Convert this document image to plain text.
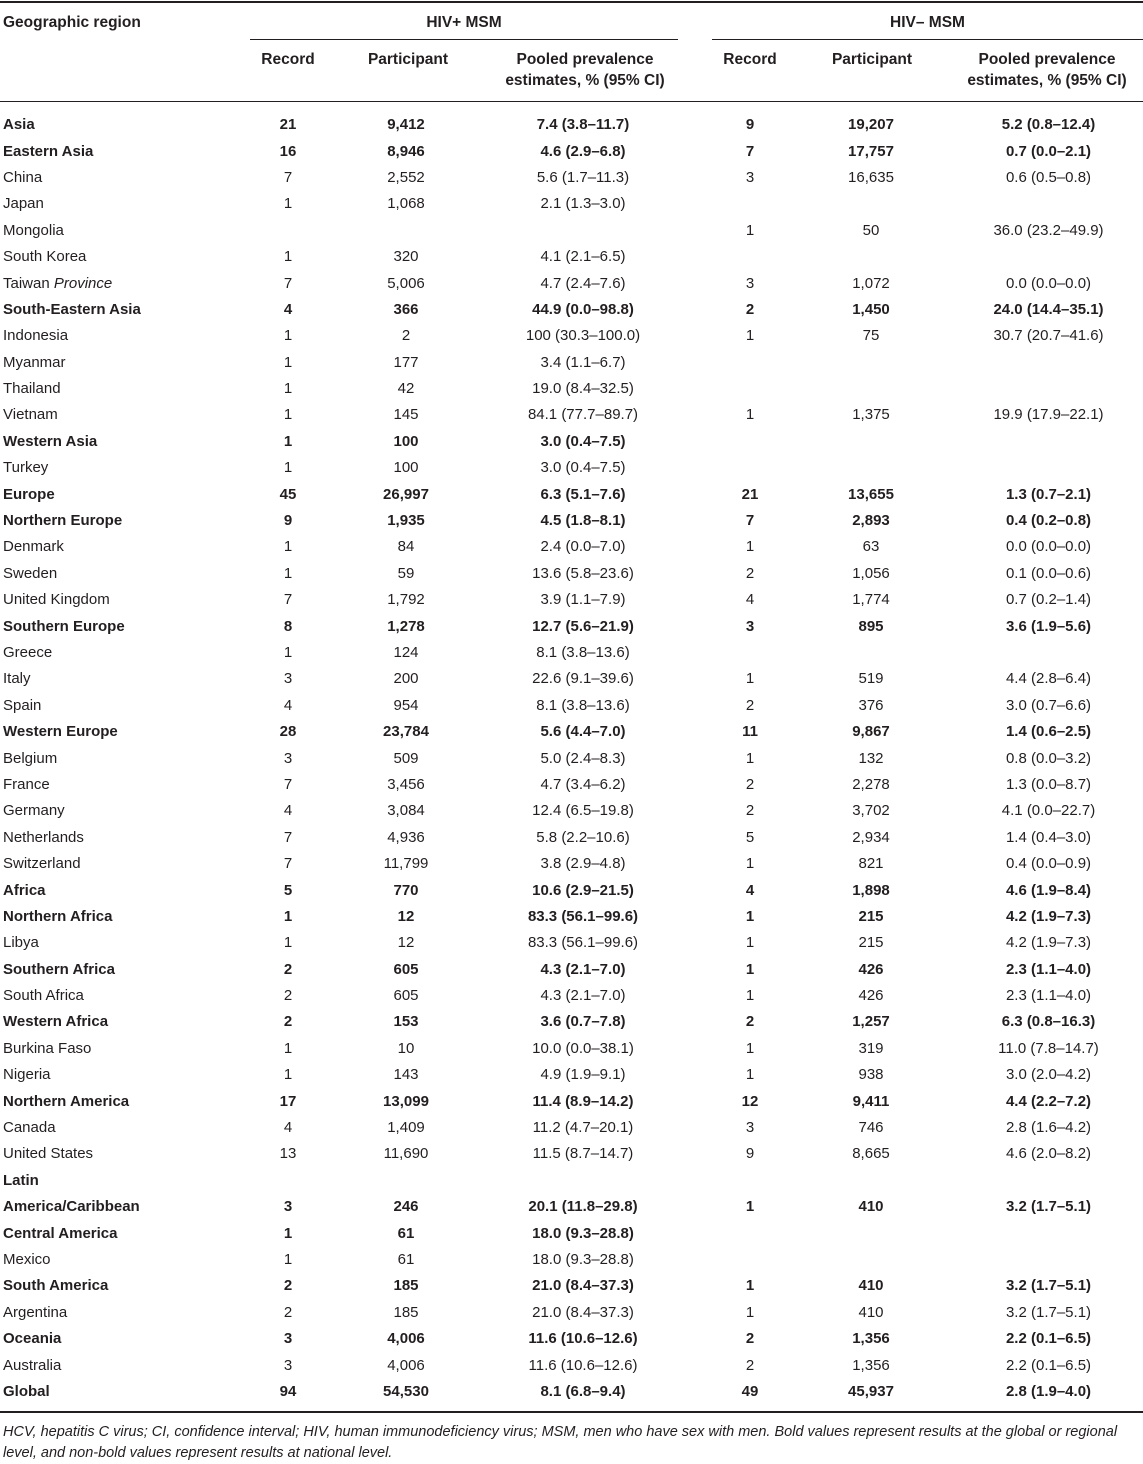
Geographic region	HIV+ MSM	HIV– MSM
Record	Participant	Pooled prevalence
estimates, % (95% CI)
Record	Participant	Pooled prevalence
estimates, % (95% CI)
Asia	21	9,412	7.4 (3.8–11.7)		9	19,207	5.2 (0.8–12.4)
Eastern Asia	16	8,946	4.6 (2.9–6.8)		7	17,757	0.7 (0.0–2.1)
China	7	2,552	5.6 (1.7–11.3)		3	16,635	0.6 (0.5–0.8)
Japan	1	1,068	2.1 (1.3–3.0)				
Mongolia					1	50	36.0 (23.2–49.9)
South Korea	1	320	4.1 (2.1–6.5)				
Taiwan Province	7	5,006	4.7 (2.4–7.6)		3	1,072	0.0 (0.0–0.0)
South-Eastern Asia	4	366	44.9 (0.0–98.8)		2	1,450	24.0 (14.4–35.1)
Indonesia	1	2	100 (30.3–100.0)		1	75	30.7 (20.7–41.6)
Myanmar	1	177	3.4 (1.1–6.7)				
Thailand	1	42	19.0 (8.4–32.5)				
Vietnam	1	145	84.1 (77.7–89.7)		1	1,375	19.9 (17.9–22.1)
Western Asia	1	100	3.0 (0.4–7.5)				
Turkey	1	100	3.0 (0.4–7.5)				
Europe	45	26,997	6.3 (5.1–7.6)		21	13,655	1.3 (0.7–2.1)
Northern Europe	9	1,935	4.5 (1.8–8.1)		7	2,893	0.4 (0.2–0.8)
Denmark	1	84	2.4 (0.0–7.0)		1	63	0.0 (0.0–0.0)
Sweden	1	59	13.6 (5.8–23.6)		2	1,056	0.1 (0.0–0.6)
United Kingdom	7	1,792	3.9 (1.1–7.9)		4	1,774	0.7 (0.2–1.4)
Southern Europe	8	1,278	12.7 (5.6–21.9)		3	895	3.6 (1.9–5.6)
Greece	1	124	8.1 (3.8–13.6)				
Italy	3	200	22.6 (9.1–39.6)		1	519	4.4 (2.8–6.4)
Spain	4	954	8.1 (3.8–13.6)		2	376	3.0 (0.7–6.6)
Western Europe	28	23,784	5.6 (4.4–7.0)		11	9,867	1.4 (0.6–2.5)
Belgium	3	509	5.0 (2.4–8.3)		1	132	0.8 (0.0–3.2)
France	7	3,456	4.7 (3.4–6.2)		2	2,278	1.3 (0.0–8.7)
Germany	4	3,084	12.4 (6.5–19.8)		2	3,702	4.1 (0.0–22.7)
Netherlands	7	4,936	5.8 (2.2–10.6)		5	2,934	1.4 (0.4–3.0)
Switzerland	7	11,799	3.8 (2.9–4.8)		1	821	0.4 (0.0–0.9)
Africa	5	770	10.6 (2.9–21.5)		4	1,898	4.6 (1.9–8.4)
Northern Africa	1	12	83.3 (56.1–99.6)		1	215	4.2 (1.9–7.3)
Libya	1	12	83.3 (56.1–99.6)		1	215	4.2 (1.9–7.3)
Southern Africa	2	605	4.3 (2.1–7.0)		1	426	2.3 (1.1–4.0)
South Africa	2	605	4.3 (2.1–7.0)		1	426	2.3 (1.1–4.0)
Western Africa	2	153	3.6 (0.7–7.8)		2	1,257	6.3 (0.8–16.3)
Burkina Faso	1	10	10.0 (0.0–38.1)		1	319	11.0 (7.8–14.7)
Nigeria	1	143	4.9 (1.9–9.1)		1	938	3.0 (2.0–4.2)
Northern America	17	13,099	11.4 (8.9–14.2)		12	9,411	4.4 (2.2–7.2)
Canada	4	1,409	11.2 (4.7–20.1)		3	746	2.8 (1.6–4.2)
United States	13	11,690	11.5 (8.7–14.7)		9	8,665	4.6 (2.0–8.2)
Latin							
America/Caribbean	3	246	20.1 (11.8–29.8)		1	410	3.2 (1.7–5.1)
Central America	1	61	18.0 (9.3–28.8)				
Mexico	1	61	18.0 (9.3–28.8)				
South America	2	185	21.0 (8.4–37.3)		1	410	3.2 (1.7–5.1)
Argentina	2	185	21.0 (8.4–37.3)		1	410	3.2 (1.7–5.1)
Oceania	3	4,006	11.6 (10.6–12.6)		2	1,356	2.2 (0.1–6.5)
Australia	3	4,006	11.6 (10.6–12.6)		2	1,356	2.2 (0.1–6.5)
Global	94	54,530	8.1 (6.8–9.4)		49	45,937	2.8 (1.9–4.0)
HCV, hepatitis C virus; CI, confidence interval; HIV, human immunodeficiency virus; MSM, men who have sex with men. Bold values represent results at the global or regional level, and non-bold values represent results at national level.
